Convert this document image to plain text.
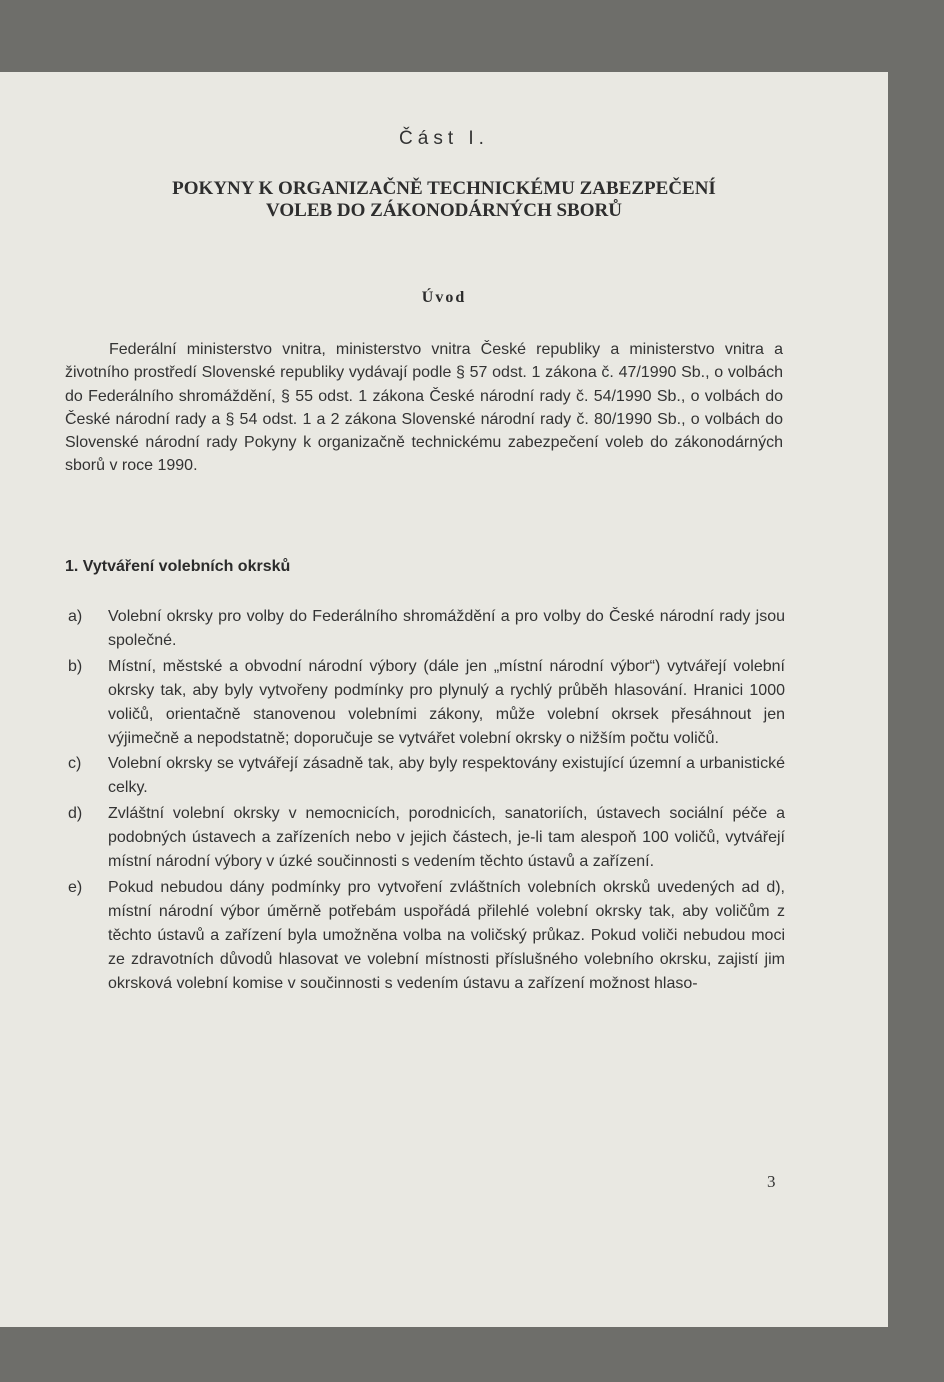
Část I.
POKYNY K ORGANIZAČNĚ TECHNICKÉMU ZABEZPEČENÍ
VOLEB DO ZÁKONODÁRNÝCH SBORŮ
Úvod
Federální ministerstvo vnitra, ministerstvo vnitra České republiky a ministerstvo vnitra a životního prostředí Slovenské republiky vydávají podle § 57 odst. 1 zákona č. 47/1990 Sb., o volbách do Federálního shromáždění, § 55 odst. 1 zákona České národní rady č. 54/1990 Sb., o volbách do České národní rady a § 54 odst. 1 a 2 zákona Slovenské národní rady č. 80/1990 Sb., o volbách do Slovenské národní rady Pokyny k organizačně technickému zabezpečení voleb do zákonodárných sborů v roce 1990.
1. Vytváření volebních okrsků
a)	Volební okrsky pro volby do Federálního shromáždění a pro volby do České národní rady jsou společné.
b)	Místní, městské a obvodní národní výbory (dále jen „místní národní výbor“) vytvářejí volební okrsky tak, aby byly vytvořeny podmínky pro plynulý a rychlý průběh hlasování. Hranici 1000 voličů, orientačně stanovenou volebními zákony, může volební okrsek přesáhnout jen výjimečně a nepodstatně; doporučuje se vytvářet volební okrsky o nižším počtu voličů.
c)	Volební okrsky se vytvářejí zásadně tak, aby byly respektovány existující územní a urbanistické celky.
d)	Zvláštní volební okrsky v nemocnicích, porodnicích, sanatoriích, ústavech sociální péče a podobných ústavech a zařízeních nebo v jejich částech, je-li tam alespoň 100 voličů, vytvářejí místní národní výbory v úzké součinnosti s vedením těchto ústavů a zařízení.
e)	Pokud nebudou dány podmínky pro vytvoření zvláštních volebních okrsků uvedených ad d), místní národní výbor úměrně potřebám uspořádá přilehlé volební okrsky tak, aby voličům z těchto ústavů a zařízení byla umožněna volba na voličský průkaz. Pokud voliči nebudou moci ze zdravotních důvodů hlasovat ve volební místnosti příslušného volebního okrsku, zajistí jim okrsková volební komise v součinnosti s vedením ústavu a zařízení možnost hlaso-
3
